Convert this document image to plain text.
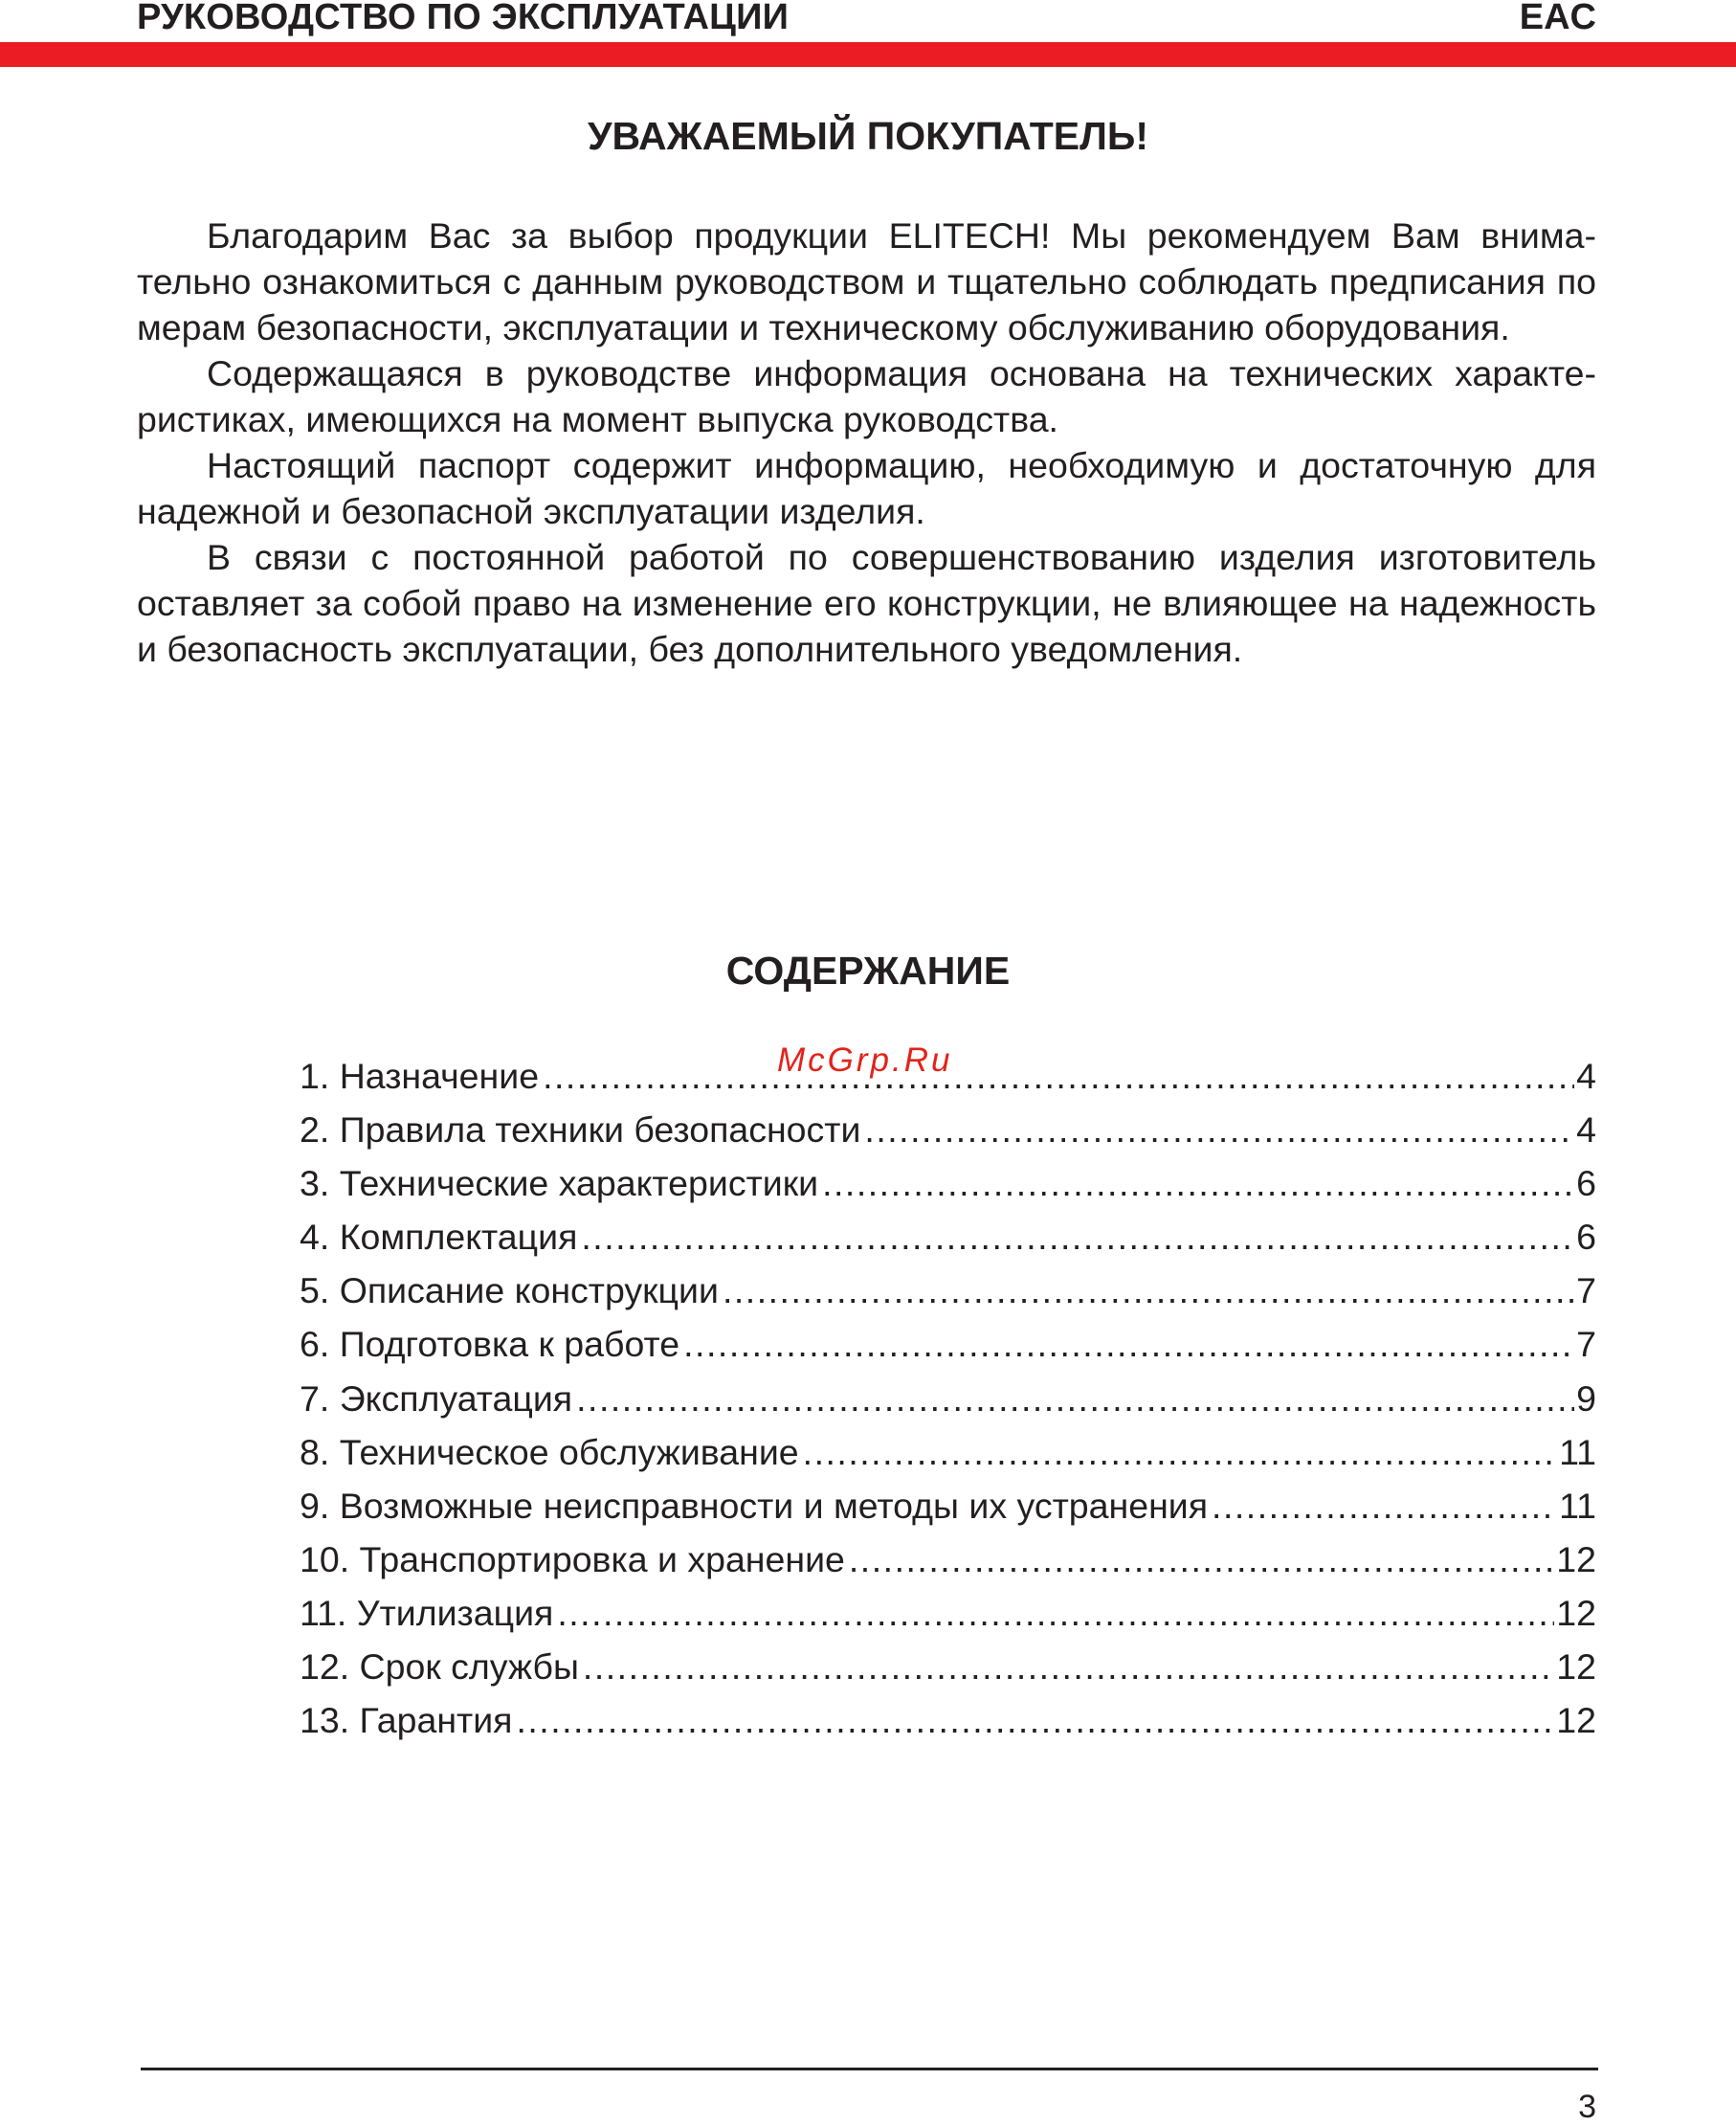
РУКОВОДСТВО ПО ЭКСПЛУАТАЦИИ	EAC
УВАЖАЕМЫЙ ПОКУПАТЕЛЬ!

Благодарим Вас за выбор продукции ELITECH! Мы рекомендуем Вам внимательно ознакомиться с данным руководством и тщательно соблюдать предписания по мерам безопасности, эксплуатации и техническому обслуживанию оборудования.

Содержащаяся в руководстве информация основана на технических характеристиках, имеющихся на момент выпуска руководства.

Настоящий паспорт содержит информацию, необходимую и достаточную для надежной и безопасной эксплуатации изделия.

В связи с постоянной работой по совершенствованию изделия изготовитель оставляет за собой право на изменение его конструкции, не влияющее на надежность и безопасность эксплуатации, без дополнительного уведомления.

СОДЕРЖАНИЕ
1. Назначение .....	4
2. Правила техники безопасности .....	4
3. Технические характеристики .....	6
4. Комплектация .....	6
5. Описание конструкции .....	7
6. Подготовка к работе .....	7
7. Эксплуатация .....	9
8. Техническое обслуживание .....	11
9. Возможные неисправности и методы их устранения .....	11
10. Транспортировка и хранение .....	12
11. Утилизация .....	12
12. Срок службы .....	12
13. Гарантия .....	12
McGrp.Ru
3
